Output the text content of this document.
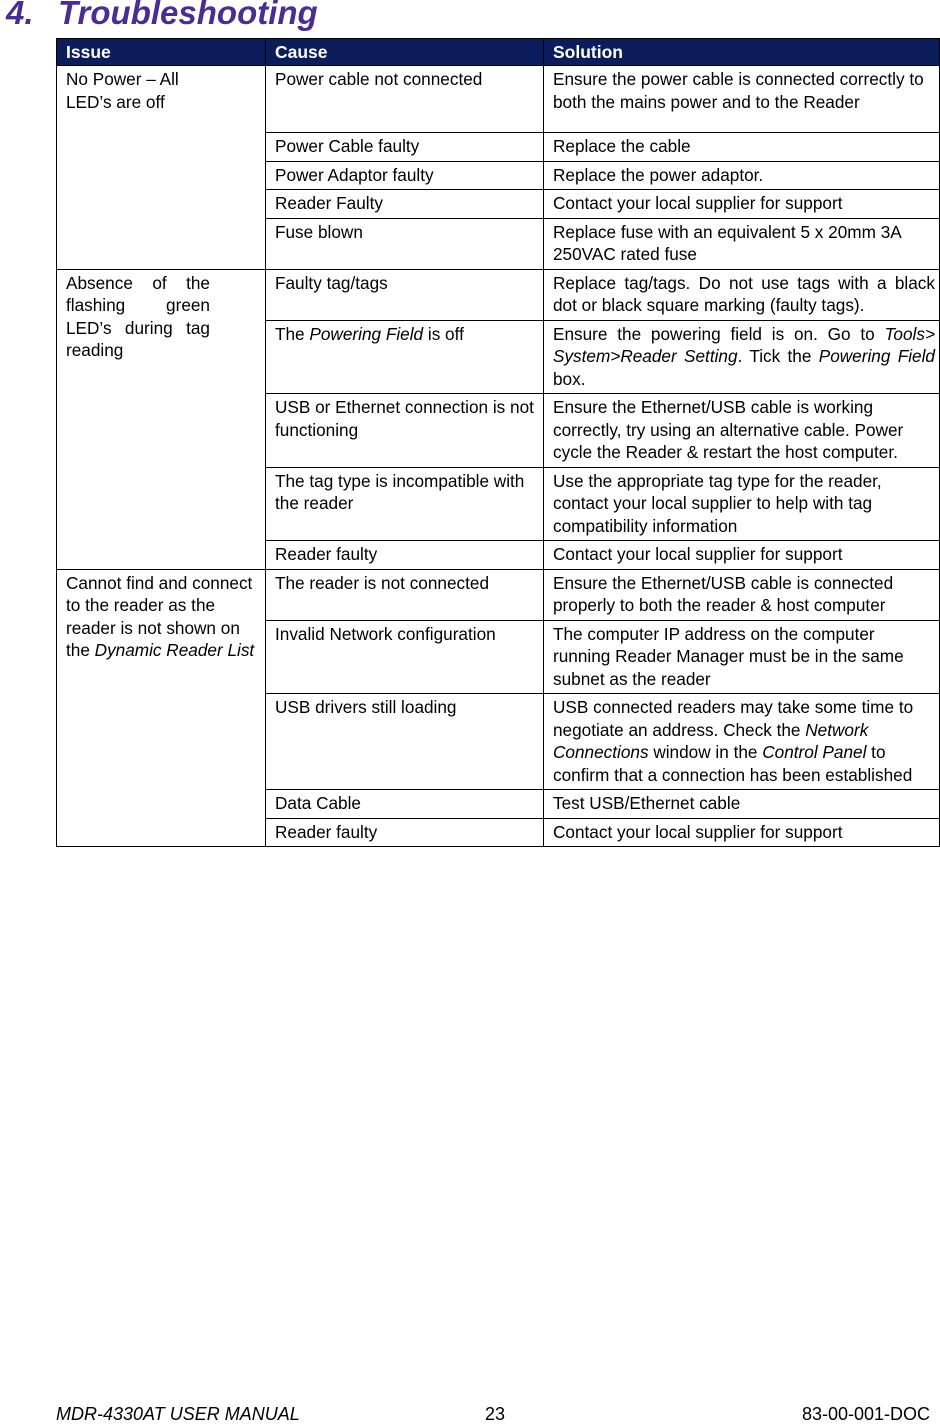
4. Troubleshooting
Issue	Cause	Solution
No Power – All LED’s are off	Power cable not connected	Ensure the power cable is connected correctly to both the mains power and to the Reader
	Power Cable faulty	Replace the cable
	Power Adaptor faulty	Replace the power adaptor.
	Reader Faulty	Contact your local supplier for support
	Fuse blown	Replace fuse with an equivalent 5 x 20mm 3A 250VAC rated fuse
Absence of the flashing green LED’s during tag reading	Faulty tag/tags	Replace tag/tags. Do not use tags with a black dot or black square marking (faulty tags).
	The Powering Field is off	Ensure the powering field is on. Go to Tools> System>Reader Setting. Tick the Powering Field box.
	USB or Ethernet connection is not functioning	Ensure the Ethernet/USB cable is working correctly, try using an alternative cable. Power cycle the Reader & restart the host computer.
	The tag type is incompatible with the reader	Use the appropriate tag type for the reader, contact your local supplier to help with tag compatibility information
	Reader faulty	Contact your local supplier for support
Cannot find and connect to the reader as the reader is not shown on the Dynamic Reader List	The reader is not connected	Ensure the Ethernet/USB cable is connected properly to both the reader & host computer
	Invalid Network configuration	The computer IP address on the computer running Reader Manager must be in the same subnet as the reader
	USB drivers still loading	USB connected readers may take some time to negotiate an address. Check the Network Connections window in the Control Panel to confirm that a connection has been established
	Data Cable	Test USB/Ethernet cable
	Reader faulty	Contact your local supplier for support
MDR-4330AT USER MANUAL	23	83-00-001-DOC
